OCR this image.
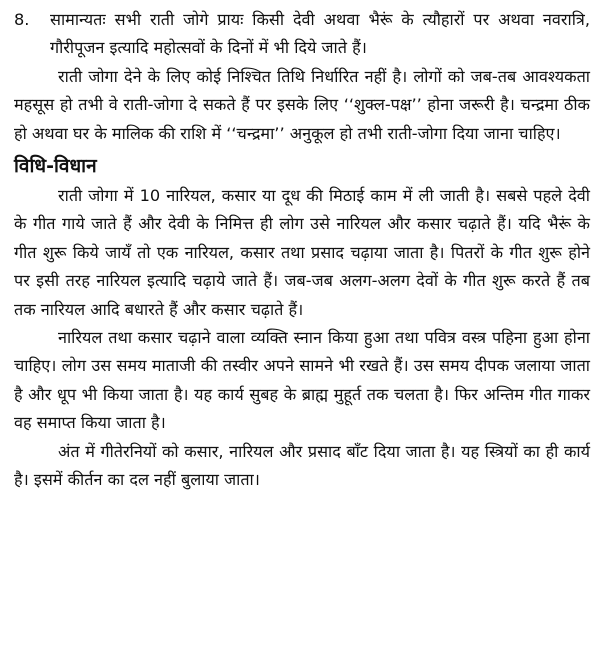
8. सामान्यतः सभी राती जोगे प्रायः किसी देवी अथवा भैरूं के त्यौहारों पर अथवा नवरात्रि, गौरीपूजन इत्यादि महोत्सवों के दिनों में भी दिये जाते हैं।

राती जोगा देने के लिए कोई निश्चित तिथि निर्धारित नहीं है। लोगों को जब-तब आवश्यकता महसूस हो तभी वे राती-जोगा दे सकते हैं पर इसके लिए ‘‘शुक्ल-पक्ष’’ होना जरूरी है। चन्द्रमा ठीक हो अथवा घर के मालिक की राशि में ‘‘चन्द्रमा’’ अनुकूल हो तभी राती-जोगा दिया जाना चाहिए।

विधि-विधान

राती जोगा में 10 नारियल, कसार या दूध की मिठाई काम में ली जाती है। सबसे पहले देवी के गीत गाये जाते हैं और देवी के निमित्त ही लोग उसे नारियल और कसार चढ़ाते हैं। यदि भैरूं के गीत शुरू किये जायँ तो एक नारियल, कसार तथा प्रसाद चढ़ाया जाता है। पितरों के गीत शुरू होने पर इसी तरह नारियल इत्यादि चढ़ाये जाते हैं। जब-जब अलग-अलग देवों के गीत शुरू करते हैं तब तक नारियल आदि बधारते हैं और कसार चढ़ाते हैं।

नारियल तथा कसार चढ़ाने वाला व्यक्ति स्नान किया हुआ तथा पवित्र वस्त्र पहिना हुआ होना चाहिए। लोग उस समय माताजी की तस्वीर अपने सामने भी रखते हैं। उस समय दीपक जलाया जाता है और धूप भी किया जाता है। यह कार्य सुबह के ब्राह्म मुहूर्त तक चलता है। फिर अन्तिम गीत गाकर वह समाप्त किया जाता है।

अंत में गीतेरनियों को कसार, नारियल और प्रसाद बाँट दिया जाता है। यह स्त्रियों का ही कार्य है। इसमें कीर्तन का दल नहीं बुलाया जाता।
